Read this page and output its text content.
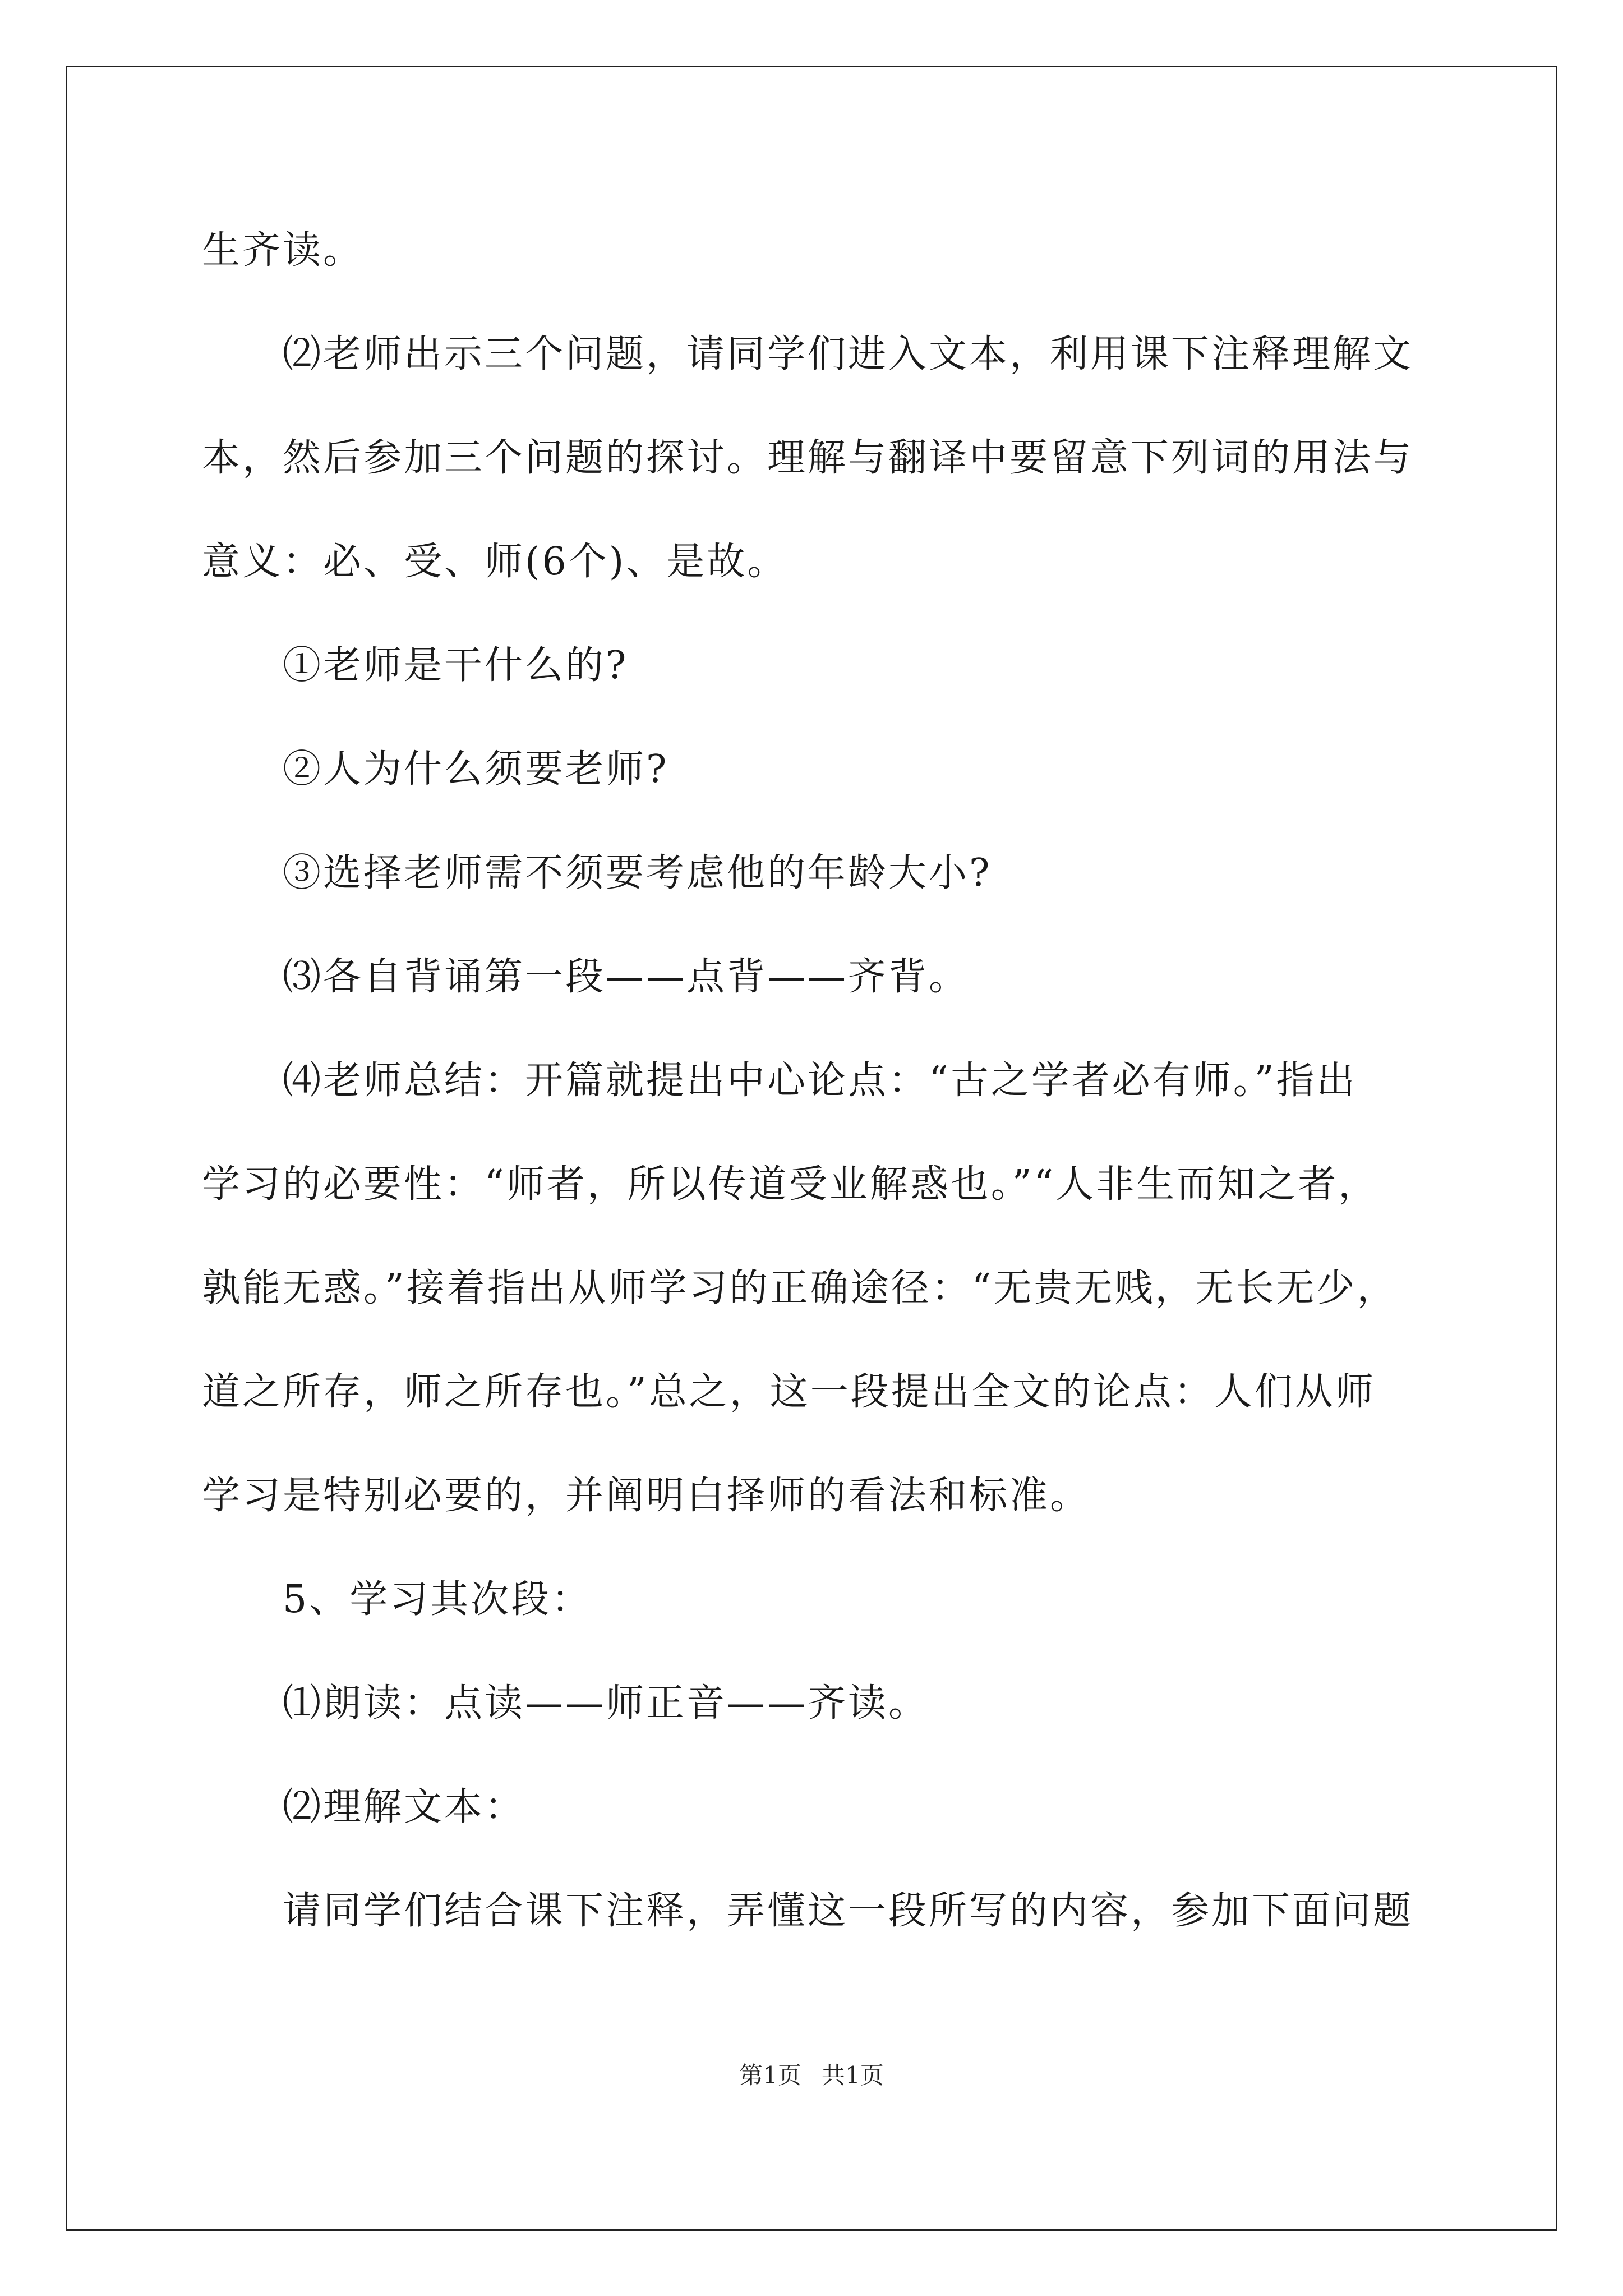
生齐读。
⑵老师出示三个问题，请同学们进入文本，利用课下注释理解文
本，然后参加三个问题的探讨。理解与翻译中要留意下列词的用法与
意义：必、受、师(6个)、是故。
①老师是干什么的?
②人为什么须要老师?
③选择老师需不须要考虑他的年龄大小?
⑶各自背诵第一段——点背——齐背。
⑷老师总结：开篇就提出中心论点：“古之学者必有师。”指出
学习的必要性：“师者，所以传道受业解惑也。”“人非生而知之者，
孰能无惑。”接着指出从师学习的正确途径：“无贵无贱，无长无少，
道之所存，师之所存也。”总之，这一段提出全文的论点：人们从师
学习是特别必要的，并阐明白择师的看法和标准。
5、学习其次段：
⑴朗读：点读——师正音——齐读。
⑵理解文本：
请同学们结合课下注释，弄懂这一段所写的内容，参加下面问题
第1页 共1页
